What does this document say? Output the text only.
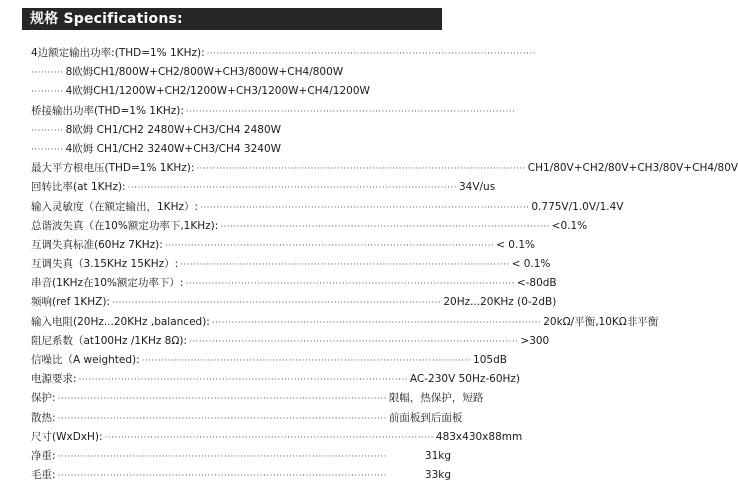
规格 Specifications:
4边额定输出功率:(THD=1% 1KHz): ·····································································································
·········· 8欧姆CH1/800W+CH2/800W+CH3/800W+CH4/800W
·········· 4欧姆CH1/1200W+CH2/1200W+CH3/1200W+CH4/1200W
桥接输出功率(THD=1% 1KHz): ·····································································································
·········· 8欧姆 CH1/CH2 2480W+CH3/CH4 2480W
·········· 4欧姆 CH1/CH2 3240W+CH3/CH4 3240W
最大平方根电压(THD=1% 1KHz): ····································································································· CH1/80V+CH2/80V+CH3/80V+CH4/80V
回转比率(at 1KHz): ····································································································· 34V/us
输入灵敏度（在额定输出，1KHz）: ····································································································· 0.775V/1.0V/1.4V
总谐波失真（在10%额定功率下,1KHz): ····································································································· <0.1%
互调失真标准(60Hz 7KHz): ····································································································· < 0.1%
互调失真（3.15KHz 15KHz）: ····································································································· < 0.1%
串音(1KHz在10%额定功率下）: ····································································································· <-80dB
频响(ref 1KHZ): ····································································································· 20Hz...20KHz (0-2dB)
输入电阻(20Hz...20KHz ,balanced): ····································································································· 20kΩ/平衡,10KΩ非平衡
阻尼系数（at100Hz /1KHz 8Ω): ····································································································· >300
信噪比（A weighted): ····································································································· 105dB
电源要求: ····································································································· AC-230V 50Hz-60Hz)
保护: ····································································································· 限幅，热保护，短路
散热: ····································································································· 前面板到后面板
尺寸(WxDxH): ····································································································· 483x430x88mm
净重: ·····································································································	31kg
毛重: ·····································································································	33kg
